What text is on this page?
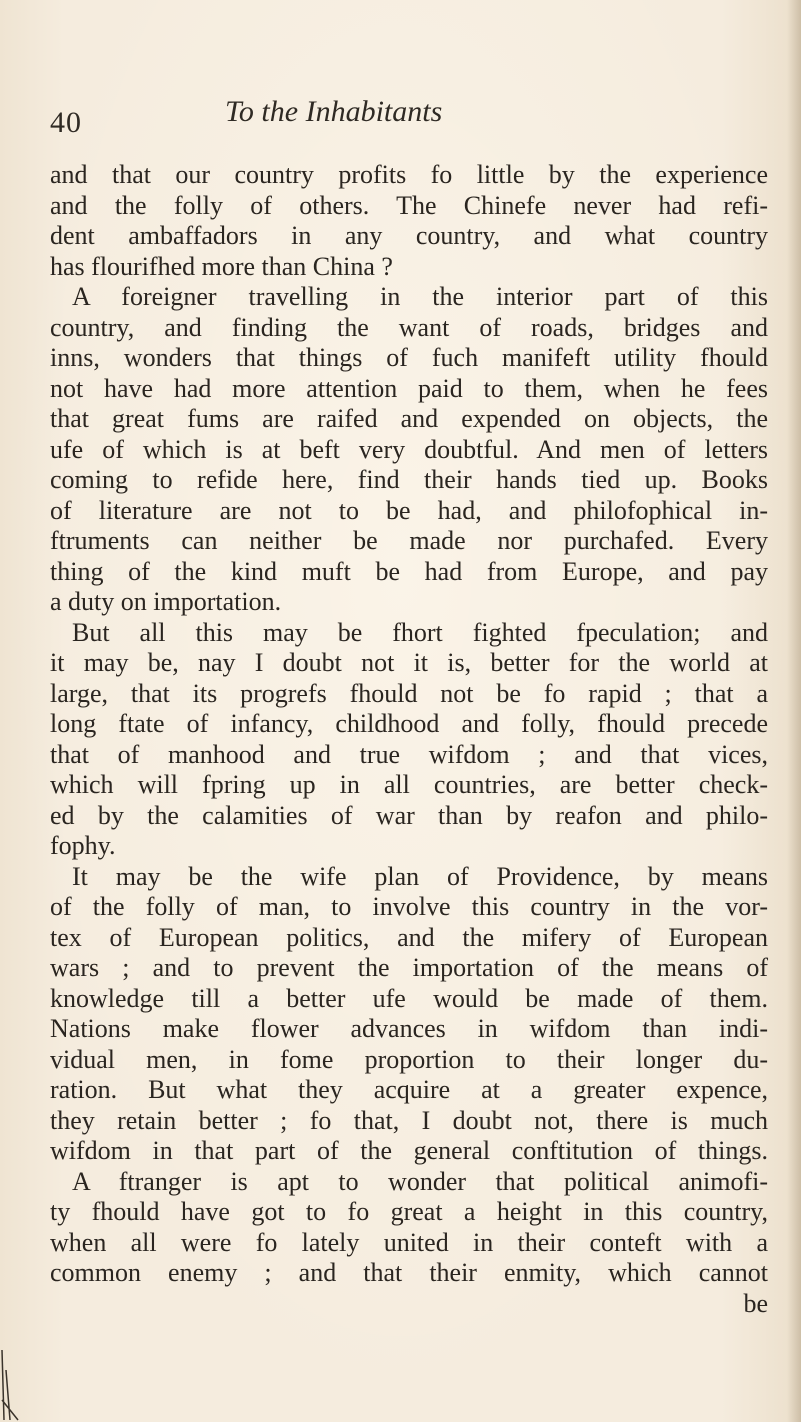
40	To the Inhabitants
and that our country profits fo little by the experience
and the folly of others. The Chinefe never had refi-
dent ambaffadors in any country, and what country
has flourifhed more than China ?
A foreigner travelling in the interior part of this
country, and finding the want of roads, bridges and
inns, wonders that things of fuch manifeft utility fhould
not have had more attention paid to them, when he fees
that great fums are raifed and expended on objects, the
ufe of which is at beft very doubtful. And men of letters
coming to refide here, find their hands tied up. Books
of literature are not to be had, and philofophical in-
ftruments can neither be made nor purchafed. Every
thing of the kind muft be had from Europe, and pay
a duty on importation.
But all this may be fhort fighted fpeculation; and
it may be, nay I doubt not it is, better for the world at
large, that its progrefs fhould not be fo rapid ; that a
long ftate of infancy, childhood and folly, fhould precede
that of manhood and true wifdom ; and that vices,
which will fpring up in all countries, are better check-
ed by the calamities of war than by reafon and philo-
fophy.
It may be the wife plan of Providence, by means
of the folly of man, to involve this country in the vor-
tex of European politics, and the mifery of European
wars ; and to prevent the importation of the means of
knowledge till a better ufe would be made of them.
Nations make flower advances in wifdom than indi-
vidual men, in fome proportion to their longer du-
ration. But what they acquire at a greater expence,
they retain better ; fo that, I doubt not, there is much
wifdom in that part of the general conftitution of things.
A ftranger is apt to wonder that political animofi-
ty fhould have got to fo great a height in this country,
when all were fo lately united in their conteft with a
common enemy ; and that their enmity, which cannot
be
